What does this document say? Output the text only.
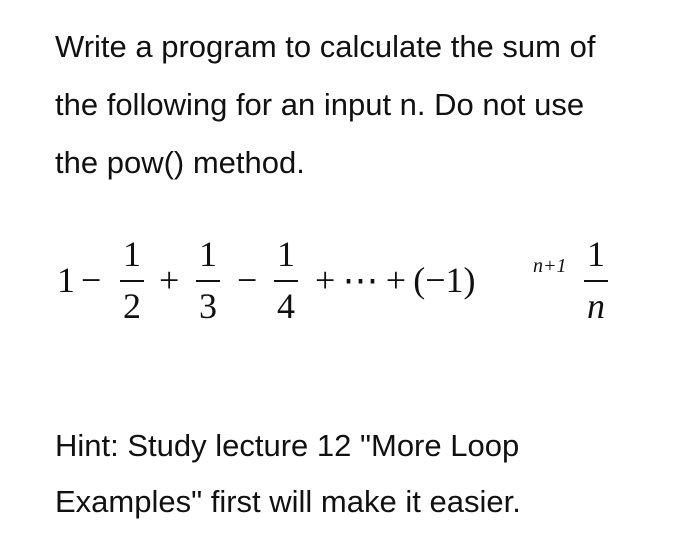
Write a program to calculate the sum of
the following for an input n. Do not use
the pow() method.
1 −
1
2
+
1
3
−
1
4
+ ⋯ + (−1)	n+1 1
n
Hint: Study lecture 12 "More Loop
Examples" first will make it easier.
